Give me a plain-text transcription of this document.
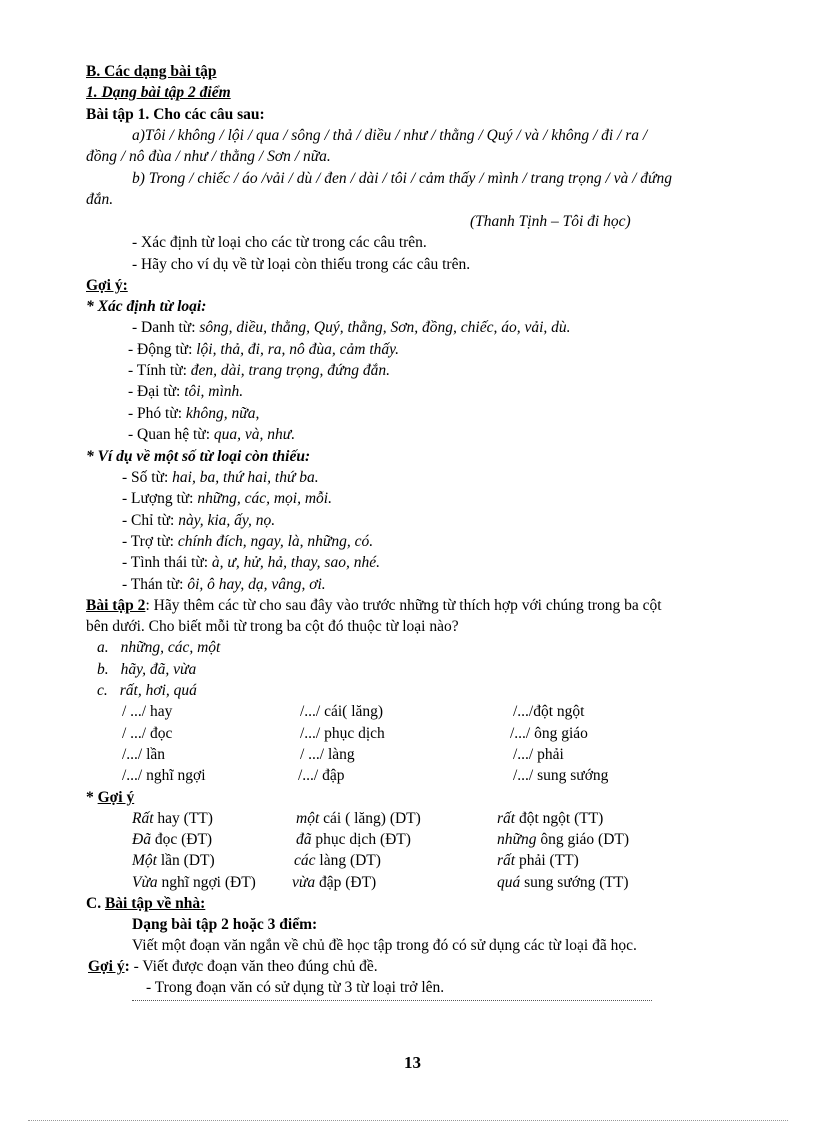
B. Các dạng bài tập
1. Dạng bài tập 2 điểm
Bài tập 1. Cho các câu sau:
a)Tôi / không / lội / qua / sông / thả / diều / như / thằng / Quý / và / không / đi / ra /
đồng / nô đùa / như / thằng / Sơn / nữa.
b) Trong / chiếc / áo /vải / dù / đen / dài / tôi / cảm thấy / mình / trang trọng / và / đứng
đắn.
(Thanh Tịnh – Tôi đi học)
- Xác định từ loại cho các từ trong các câu trên.
- Hãy cho ví dụ về từ loại còn thiếu trong các câu trên.
Gợi ý:
* Xác định từ loại:
- Danh từ: sông, diều, thằng, Quý, thằng, Sơn, đồng, chiếc, áo, vải, dù.
- Động từ: lội, thả, đi, ra, nô đùa, cảm thấy.
- Tính từ: đen, dài, trang trọng, đứng đắn.
- Đại từ: tôi, mình.
- Phó từ: không, nữa,
- Quan hệ từ: qua, và, như.
* Ví dụ về một số từ loại còn thiếu:
- Số từ: hai, ba, thứ hai, thứ ba.
- Lượng từ: những, các, mọi, mỗi.
- Chỉ từ: này, kia, ấy, nọ.
- Trợ từ: chính đích, ngay, là, những, có.
- Tình thái từ: à, ư, hử, hả, thay, sao, nhé.
- Thán từ: ôi, ô hay, dạ, vâng, ơi.
Bài tập 2: Hãy thêm các từ cho sau đây vào trước những từ thích hợp với chúng trong ba cột
bên dưới. Cho biết mỗi từ trong ba cột đó thuộc từ loại nào?
a. những, các, một
b. hãy, đã, vừa
c. rất, hơi, quá
/ .../ hay	/.../ cái( lăng)	/.../đột ngột
/ .../ đọc	/.../ phục dịch	/.../ ông giáo
/.../ lần	/ .../ làng	/.../ phải
/.../ nghĩ ngợi	/.../ đập	/.../ sung sướng
* Gợi ý
Rất hay (TT)	một cái ( lăng) (DT)	rất đột ngột (TT)
Đã đọc (ĐT)	đã phục dịch (ĐT)	những ông giáo (DT)
Một lần (DT)	các làng (DT)	rất phải (TT)
Vừa nghĩ ngợi (ĐT) vừa đập (ĐT)	quá sung sướng (TT)
C. Bài tập về nhà:
Dạng bài tập 2 hoặc 3 điểm:
Viết một đoạn văn ngắn về chủ đề học tập trong đó có sử dụng các từ loại đã học.
Gợi ý: - Viết được đoạn văn theo đúng chủ đề.
- Trong đoạn văn có sử dụng từ 3 từ loại trở lên.
13
